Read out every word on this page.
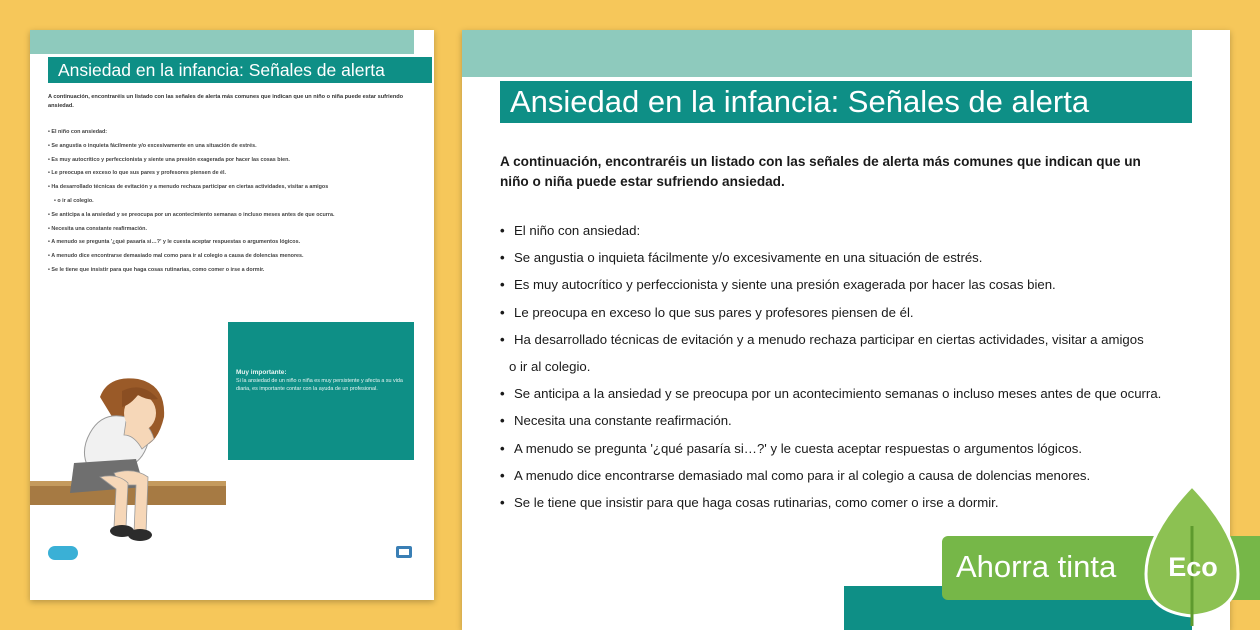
Ansiedad en la infancia: Señales de alerta
A continuación, encontraréis un listado con las señales de alerta más comunes que indican que un niño o niña puede estar sufriendo ansiedad.
• El niño con ansiedad:
• Se angustia o inquieta fácilmente y/o excesivamente en una situación de estrés.
• Es muy autocrítico y perfeccionista y siente una presión exagerada por hacer las cosas bien.
• Le preocupa en exceso lo que sus pares y profesores piensen de él.
• Ha desarrollado técnicas de evitación y a menudo rechaza participar en ciertas actividades, visitar a amigos
• o ir al colegio.
• Se anticipa a la ansiedad y se preocupa por un acontecimiento semanas o incluso meses antes de que ocurra.
• Necesita una constante reafirmación.
• A menudo se pregunta '¿qué pasaría si…?' y le cuesta aceptar respuestas o argumentos lógicos.
• A menudo dice encontrarse demasiado mal como para ir al colegio a causa de dolencias menores.
• Se le tiene que insistir para que haga cosas rutinarias, como comer o irse a dormir.
Muy importante:
Si la ansiedad de un niño o niña es muy persistente y afecta a su vida diaria, es importante contar con la ayuda de un profesional.
Ansiedad en la infancia: Señales de alerta
A continuación, encontraréis un listado con las señales de alerta más comunes que indican que un
niño o niña puede estar sufriendo ansiedad.
• El niño con ansiedad:
• Se angustia o inquieta fácilmente y/o excesivamente en una situación de estrés.
• Es muy autocrítico y perfeccionista y siente una presión exagerada por hacer las cosas bien.
• Le preocupa en exceso lo que sus pares y profesores piensen de él.
• Ha desarrollado técnicas de evitación y a menudo rechaza participar en ciertas actividades, visitar a amigos
o ir al colegio.
• Se anticipa a la ansiedad y se preocupa por un acontecimiento semanas o incluso meses antes de que ocurra.
• Necesita una constante reafirmación.
• A menudo se pregunta '¿qué pasaría si…?' y le cuesta aceptar respuestas o argumentos lógicos.
• A menudo dice encontrarse demasiado mal como para ir al colegio a causa de dolencias menores.
• Se le tiene que insistir para que haga cosas rutinarias, como comer o irse a dormir.
Ahorra tinta	Eco
